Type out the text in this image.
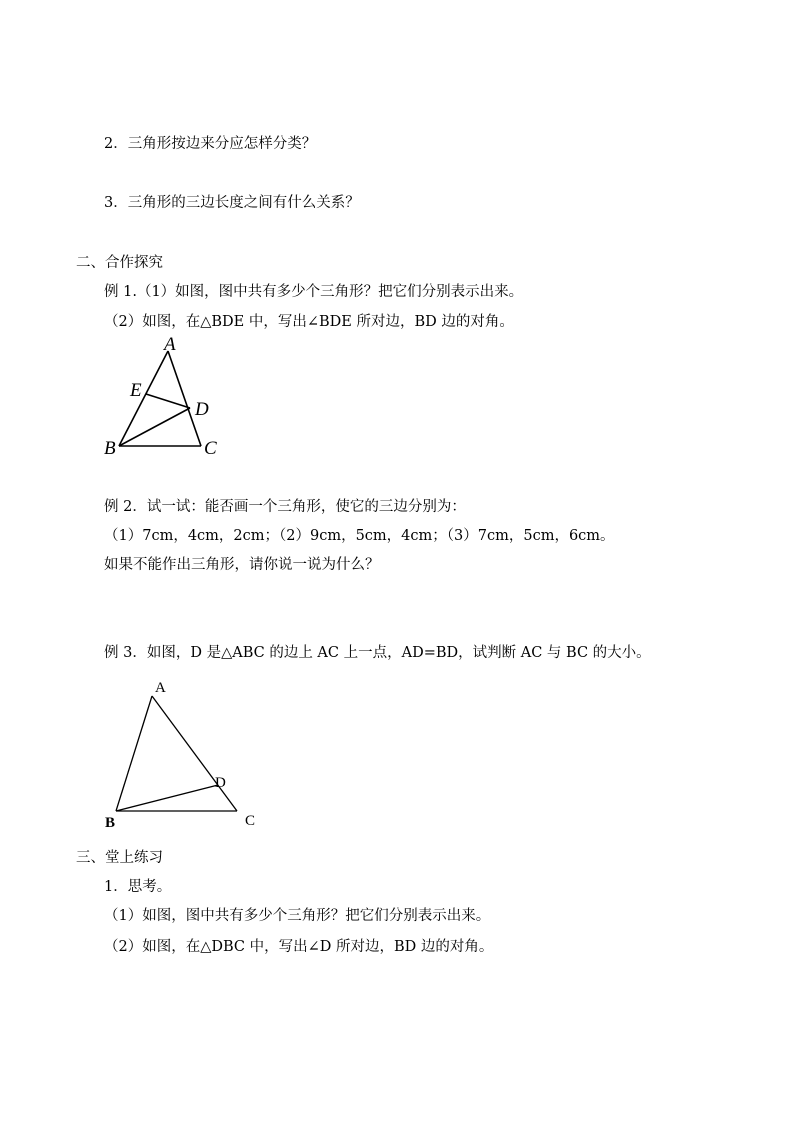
2．三角形按边来分应怎样分类？
3．三角形的三边长度之间有什么关系？
二、合作探究
例 1.（1）如图，图中共有多少个三角形？把它们分别表示出来。
（2）如图，在△BDE 中，写出∠BDE 所对边，BD 边的对角。
A
E
D
B	C
例 2．试一试：能否画一个三角形，使它的三边分别为：
（1）7cm，4cm，2cm；（2）9cm，5cm，4cm；（3）7cm，5cm，6cm。
如果不能作出三角形，请你说一说为什么？
例 3．如图，D 是△ABC 的边上 AC 上一点，AD=BD，试判断 AC 与 BC 的大小。
A
D
B	C
三、堂上练习
1．思考。
（1）如图，图中共有多少个三角形？把它们分别表示出来。
（2）如图，在△DBC 中，写出∠D 所对边，BD 边的对角。
